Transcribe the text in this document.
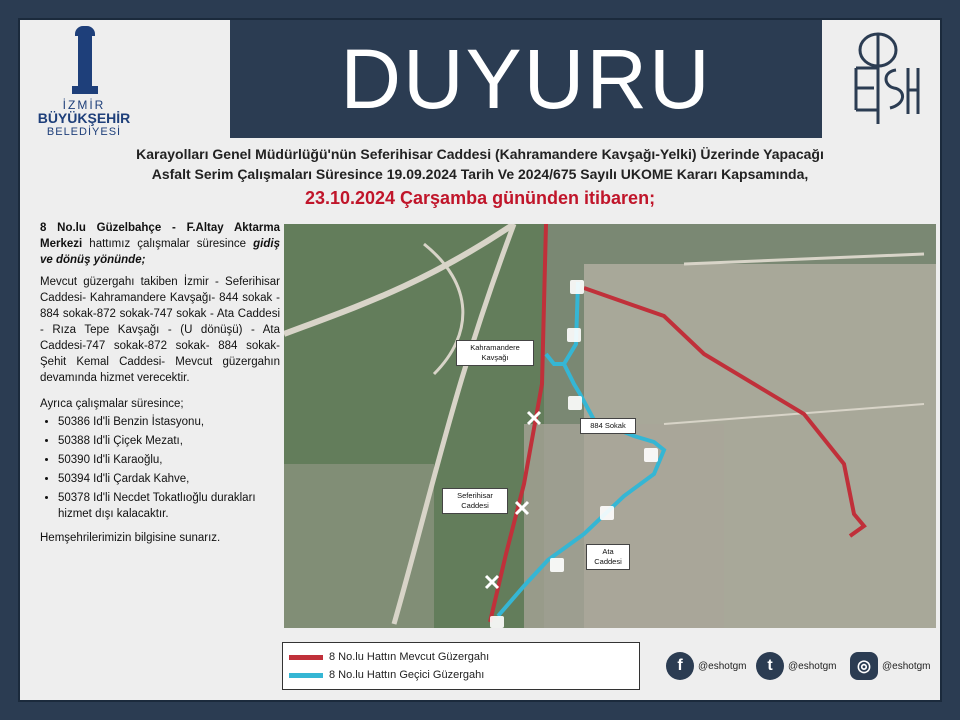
İZMİR
BÜYÜKŞEHİR
BELEDİYESİ
DUYURU
Karayolları Genel Müdürlüğü'nün Seferihisar Caddesi (Kahramandere Kavşağı-Yelki) Üzerinde Yapacağı
Asfalt Serim Çalışmaları Süresince 19.09.2024 Tarih Ve 2024/675 Sayılı UKOME Kararı Kapsamında,
23.10.2024 Çarşamba gününden itibaren;

8 No.lu Güzelbahçe - F.Altay Aktarma Merkezi hattımız çalışmalar süresince gidiş ve dönüş yönünde;

Mevcut güzergahı takiben İzmir - Seferihisar Caddesi- Kahramandere Kavşağı- 844 sokak - 884 sokak-872 sokak-747 sokak - Ata Caddesi - Rıza Tepe Kavşağı - (U dönüşü) - Ata Caddesi-747 sokak-872 sokak- 884 sokak- Şehit Kemal Caddesi- Mevcut güzergahın devamında hizmet verecektir.

Ayrıca çalışmalar süresince;

• 50386 Id'li Benzin İstasyonu,
• 50388 Id'li Çiçek Mezatı,
• 50390 Id'li Karaoğlu,
• 50394 Id'li Çardak Kahve,
• 50378 Id'li Necdet Tokatlıoğlu durakları hizmet dışı kalacaktır.

Hemşehrilerimizin bilgisine sunarız.

Kahramandere Kavşağı
884 Sokak
Seferihisar Caddesi
Ata Caddesi
8 No.lu Hattın Mevcut Güzergahı
8 No.lu Hattın Geçici Güzergahı
f	@eshotgm	t	@eshotgm	◎	@eshotgm
